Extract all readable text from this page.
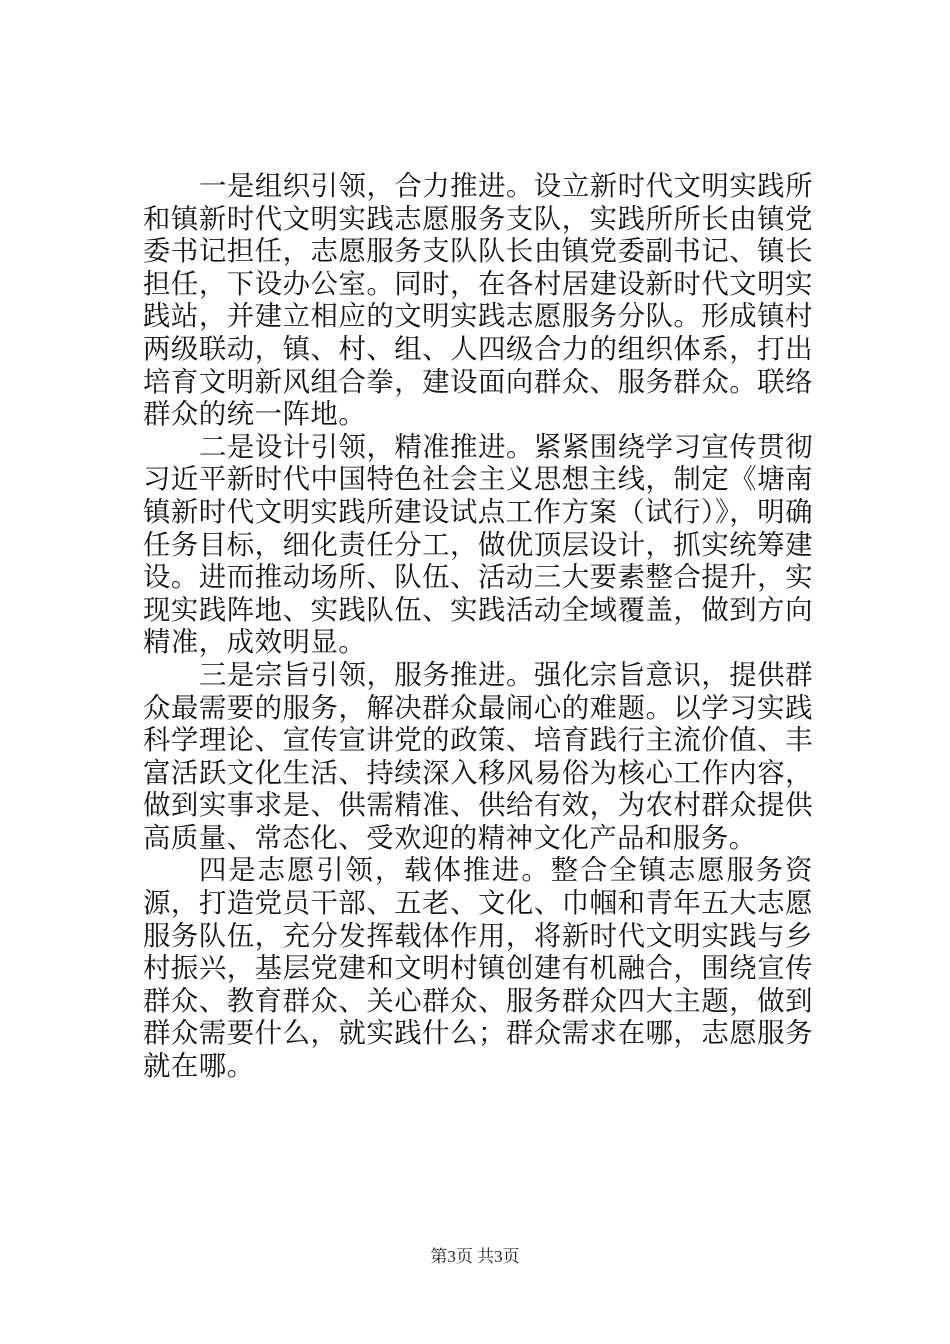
一是组织引领，合力推进。设立新时代文明实践所和镇新时代文明实践志愿服务支队，实践所所长由镇党委书记担任，志愿服务支队队长由镇党委副书记、镇长担任，下设办公室。同时，在各村居建设新时代文明实践站，并建立相应的文明实践志愿服务分队。形成镇村两级联动，镇、村、组、人四级合力的组织体系，打出培育文明新风组合拳，建设面向群众、服务群众。联络群众的统一阵地。

二是设计引领，精准推进。紧紧围绕学习宣传贯彻习近平新时代中国特色社会主义思想主线，制定《塘南镇新时代文明实践所建设试点工作方案（试行）》，明确任务目标，细化责任分工，做优顶层设计，抓实统筹建设。进而推动场所、队伍、活动三大要素整合提升，实现实践阵地、实践队伍、实践活动全域覆盖，做到方向精准，成效明显。

三是宗旨引领，服务推进。强化宗旨意识，提供群众最需要的服务，解决群众最闹心的难题。以学习实践科学理论、宣传宣讲党的政策、培育践行主流价值、丰富活跃文化生活、持续深入移风易俗为核心工作内容，做到实事求是、供需精准、供给有效，为农村群众提供高质量、常态化、受欢迎的精神文化产品和服务。

四是志愿引领，载体推进。整合全镇志愿服务资源，打造党员干部、五老、文化、巾帼和青年五大志愿服务队伍，充分发挥载体作用，将新时代文明实践与乡村振兴，基层党建和文明村镇创建有机融合，围绕宣传群众、教育群众、关心群众、服务群众四大主题，做到群众需要什么，就实践什么；群众需求在哪，志愿服务就在哪。

第3页 共3页
